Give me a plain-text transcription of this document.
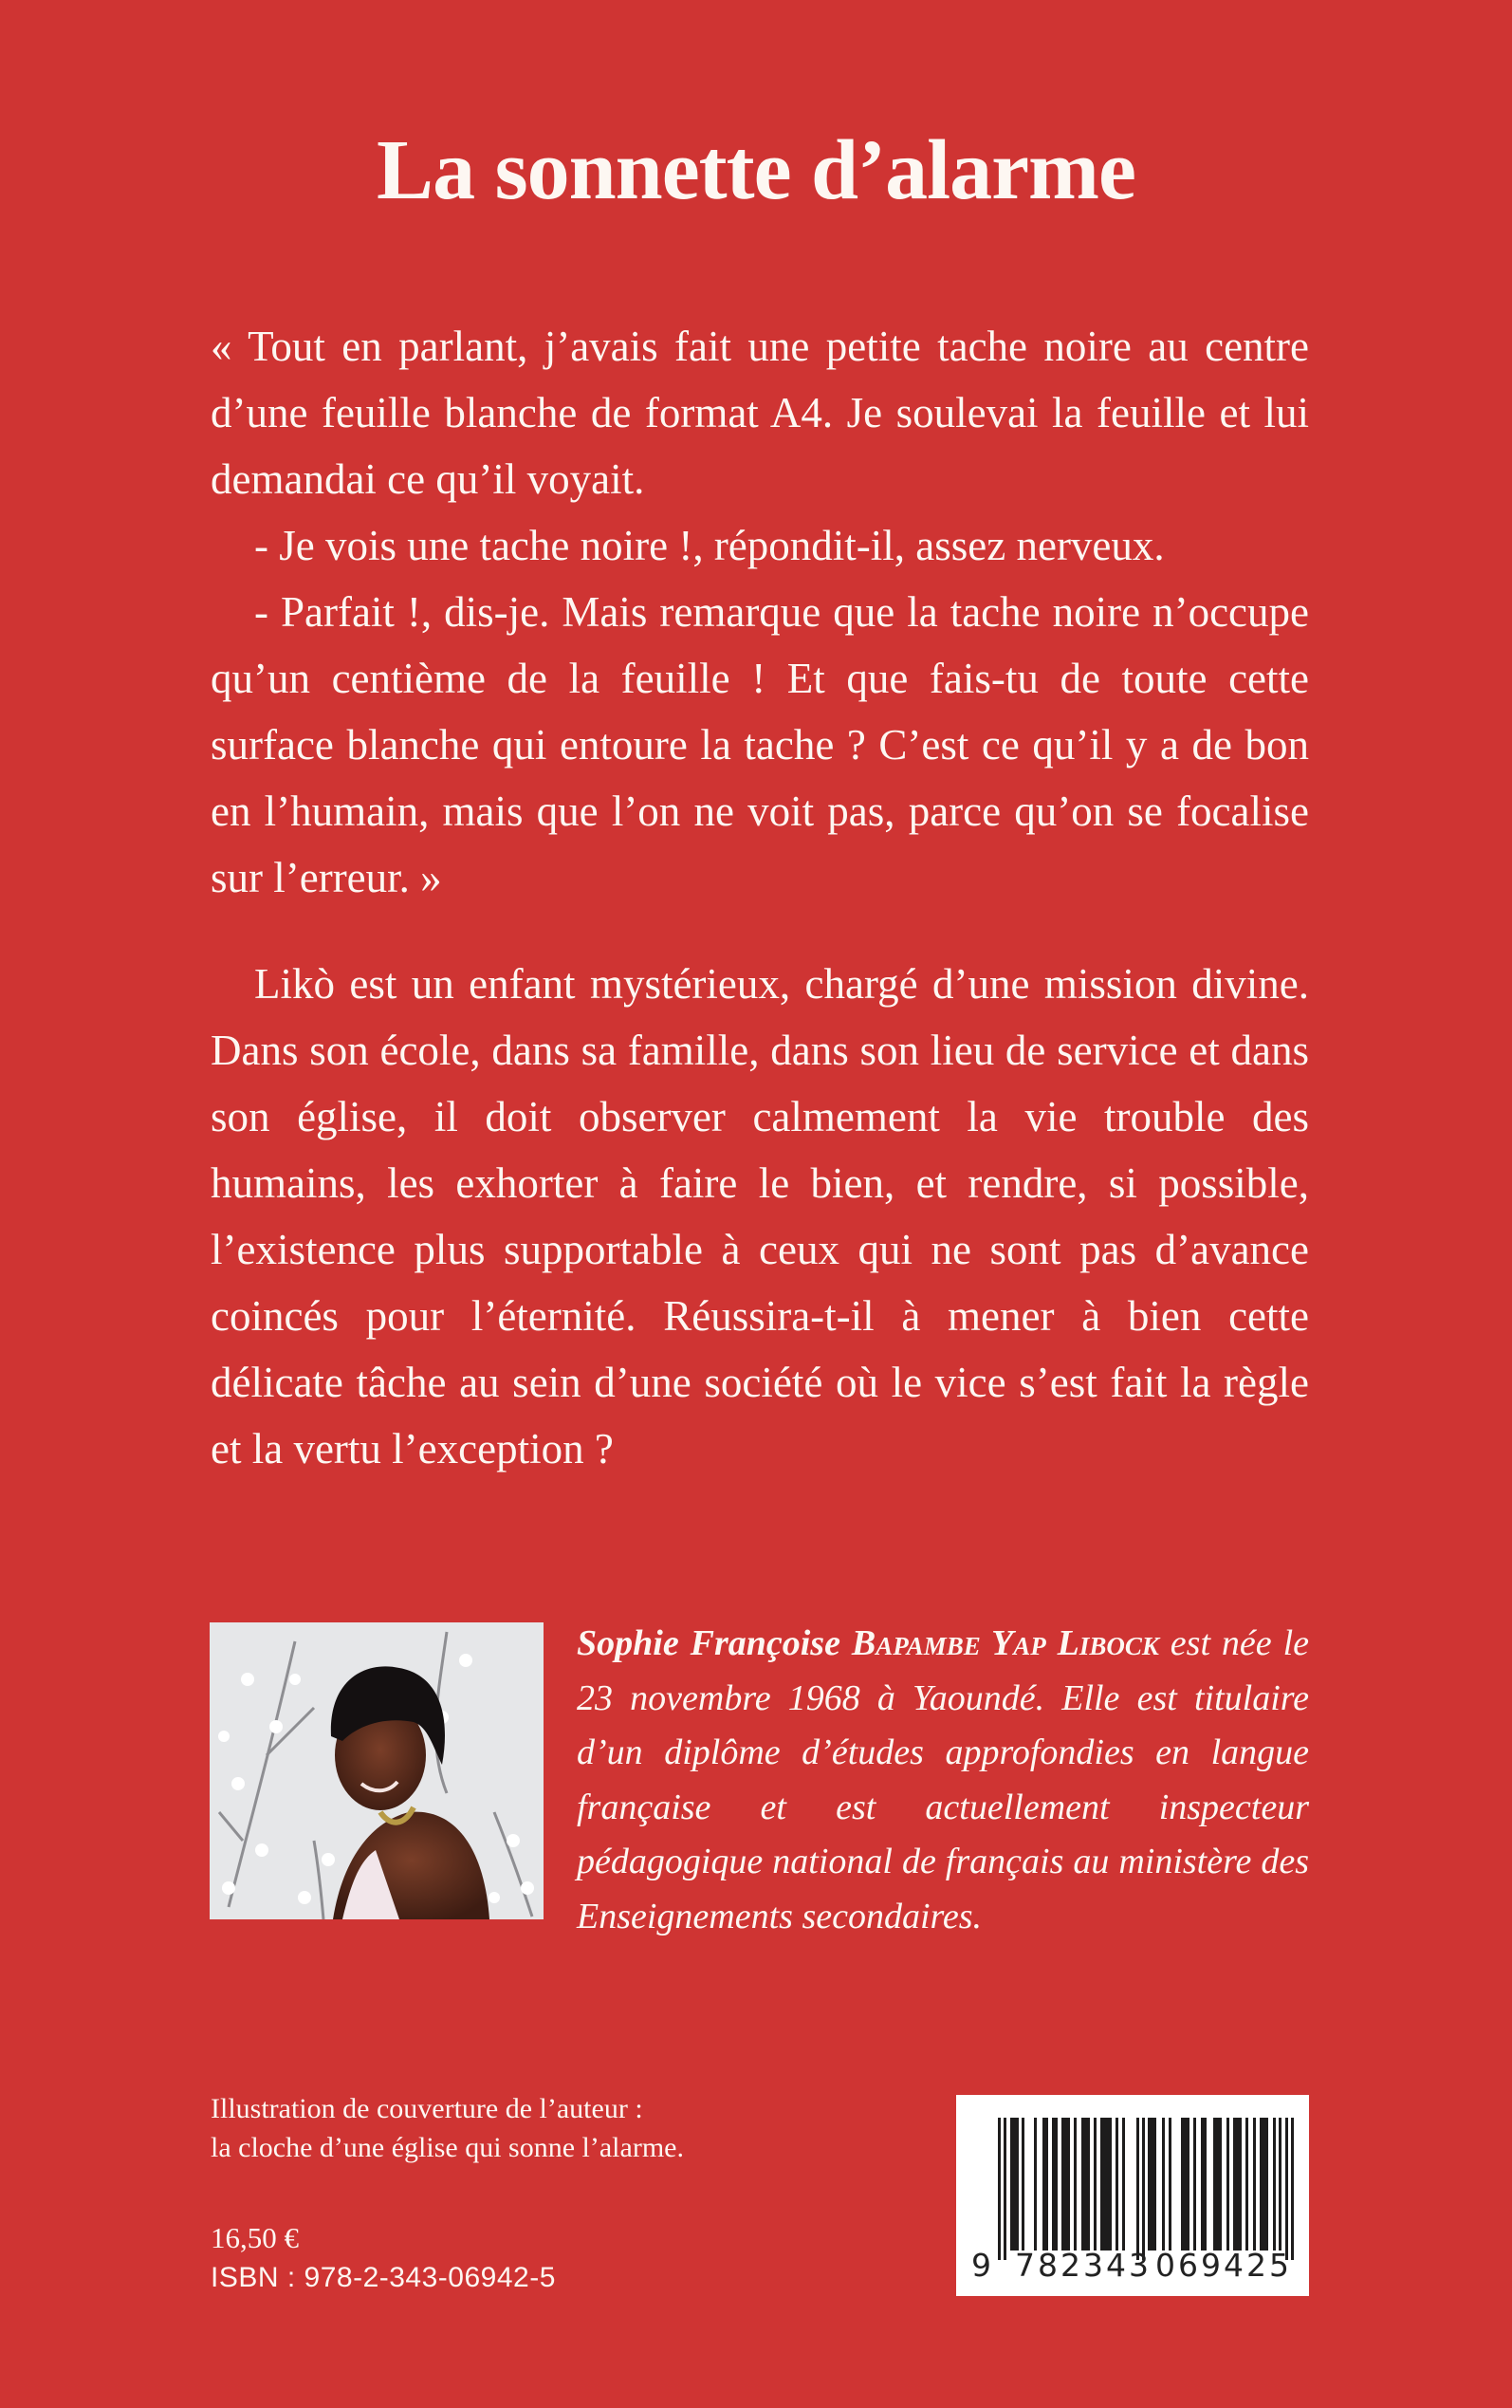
La sonnette d’alarme

« Tout en parlant, j’avais fait une petite tache noire au centre d’une feuille blanche de format A4. Je soulevai la feuille et lui demandai ce qu’il voyait.

- Je vois une tache noire !, répondit-il, assez nerveux.

- Parfait !, dis-je. Mais remarque que la tache noire n’occupe qu’un centième de la feuille ! Et que fais-tu de toute cette surface blanche qui entoure la tache ? C’est ce qu’il y a de bon en l’humain, mais que l’on ne voit pas, parce qu’on se focalise sur l’erreur. »

Likò est un enfant mystérieux, chargé d’une mission divine. Dans son école, dans sa famille, dans son lieu de service et dans son église, il doit observer calmement la vie trouble des humains, les exhorter à faire le bien, et rendre, si possible, l’existence plus supportable à ceux qui ne sont pas d’avance coincés pour l’éternité. Réussira-t-il à mener à bien cette délicate tâche au sein d’une société où le vice s’est fait la règle et la vertu l’exception ?

Sophie Françoise Bapambe Yap Libock est née le 23 novembre 1968 à Yaoundé. Elle est titulaire d’un diplôme d’études approfondies en langue française et est actuellement inspecteur pédagogique national de français au ministère des Enseignements secondaires.

Illustration de couverture de l’auteur :

la cloche d’une église qui sonne l’alarme.

16,50 €
ISBN : 978-2-343-06942-5	9 782343 069425
